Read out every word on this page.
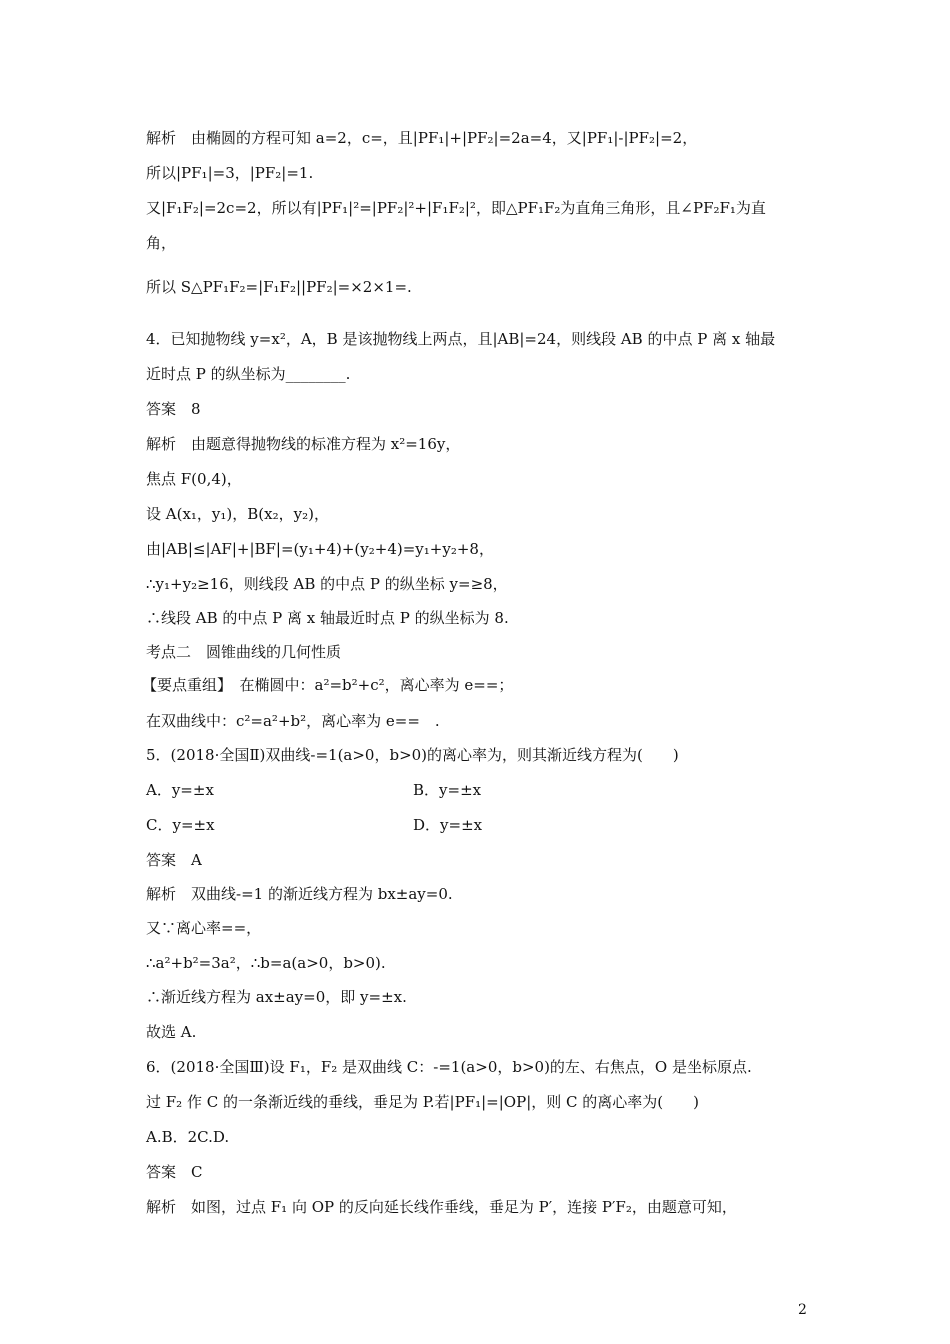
解析　由椭圆的方程可知 a=2，c=，且|PF₁|+|PF₂|=2a=4，又|PF₁|-|PF₂|=2，
所以|PF₁|=3，|PF₂|=1.
又|F₁F₂|=2c=2，所以有|PF₁|²=|PF₂|²+|F₁F₂|²，即△PF₁F₂为直角三角形，且∠PF₂F₁为直
角，
所以 S△PF₁F₂=|F₁F₂||PF₂|=×2×1=.
4．已知抛物线 y=x²，A，B 是该抛物线上两点，且|AB|=24，则线段 AB 的中点 P 离 x 轴最
近时点 P 的纵坐标为________.
答案　8
解析　由题意得抛物线的标准方程为 x²=16y，
焦点 F(0,4)，
设 A(x₁，y₁)，B(x₂，y₂)，
由|AB|≤|AF|+|BF|=(y₁+4)+(y₂+4)=y₁+y₂+8，
∴y₁+y₂≥16，则线段 AB 的中点 P 的纵坐标 y=≥8，
∴线段 AB 的中点 P 离 x 轴最近时点 P 的纵坐标为 8.
考点二　圆锥曲线的几何性质
【要点重组】　在椭圆中：a²=b²+c²，离心率为 e==；
在双曲线中：c²=a²+b²，离心率为 e==　.
5．(2018·全国Ⅱ)双曲线-=1(a>0，b>0)的离心率为，则其渐近线方程为(　　)
A．y=±x	B．y=±x
C．y=±x	D．y=±x
答案　A
解析　双曲线-=1 的渐近线方程为 bx±ay=0.
又∵离心率==，
∴a²+b²=3a²，∴b=a(a>0，b>0).
∴渐近线方程为 ax±ay=0，即 y=±x.
故选 A.
6．(2018·全国Ⅲ)设 F₁，F₂ 是双曲线 C：-=1(a>0，b>0)的左、右焦点，O 是坐标原点.
过 F₂ 作 C 的一条渐近线的垂线，垂足为 P.若|PF₁|=|OP|，则 C 的离心率为(　　)
A.B．2C.D.
答案　C
解析　如图，过点 F₁ 向 OP 的反向延长线作垂线，垂足为 P′，连接 P′F₂，由题意可知，
2
